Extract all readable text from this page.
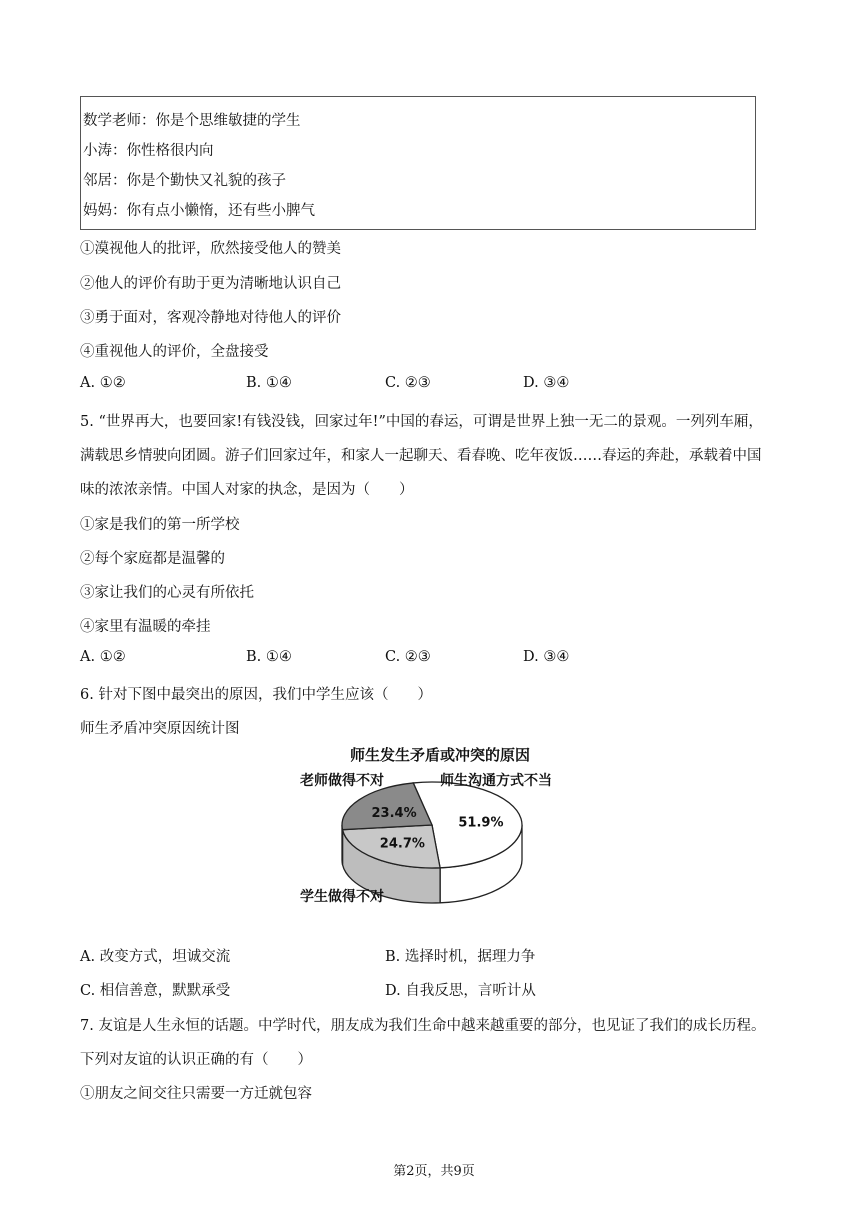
数学老师：你是个思维敏捷的学生
小涛：你性格很内向
邻居：你是个勤快又礼貌的孩子
妈妈：你有点小懒惰，还有些小脾气
①漠视他人的批评，欣然接受他人的赞美
②他人的评价有助于更为清晰地认识自己
③勇于面对，客观冷静地对待他人的评价
④重视他人的评价，全盘接受
A. ①②	B. ①④	C. ②③	D. ③④
5. “世界再大，也要回家!有钱没钱，回家过年!”中国的春运，可谓是世界上独一无二的景观。一列列车厢，
满载思乡情驶向团圆。游子们回家过年，和家人一起聊天、看春晚、吃年夜饭……春运的奔赴，承载着中国
味的浓浓亲情。中国人对家的执念，是因为（　　）
①家是我们的第一所学校
②每个家庭都是温馨的
③家让我们的心灵有所依托
④家里有温暖的牵挂
A. ①②	B. ①④	C. ②③	D. ③④
6. 针对下图中最突出的原因，我们中学生应该（　　）
师生矛盾冲突原因统计图
师生发生矛盾或冲突的原因
51.9%
24.7%
23.4%
师生沟通方式不当
学生做得不对
老师做得不对
A. 改变方式，坦诚交流	B. 选择时机，据理力争
C. 相信善意，默默承受	D. 自我反思，言听计从
7. 友谊是人生永恒的话题。中学时代，朋友成为我们生命中越来越重要的部分，也见证了我们的成长历程。
下列对友谊的认识正确的有（　　）
①朋友之间交往只需要一方迁就包容
第2页，共9页
